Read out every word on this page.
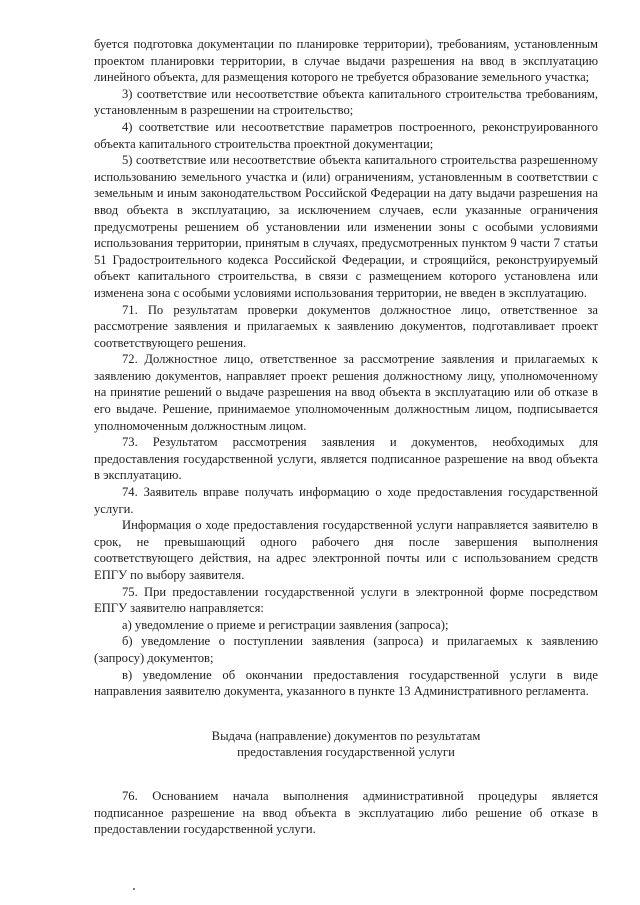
буется подготовка документации по планировке территории), требованиям, установленным проектом планировки территории, в случае выдачи разрешения на ввод в эксплуатацию линейного объекта, для размещения которого не требуется образование земельного участка;

3) соответствие или несоответствие объекта капитального строительства требованиям, установленным в разрешении на строительство;

4) соответствие или несоответствие параметров построенного, реконструированного объекта капитального строительства проектной документации;

5) соответствие или несоответствие объекта капитального строительства разрешенному использованию земельного участка и (или) ограничениям, установленным в соответствии с земельным и иным законодательством Российской Федерации на дату выдачи разрешения на ввод объекта в эксплуатацию, за исключением случаев, если указанные ограничения предусмотрены решением об установлении или изменении зоны с особыми условиями использования территории, принятым в случаях, предусмотренных пунктом 9 части 7 статьи 51 Градостроительного кодекса Российской Федерации, и строящийся, реконструируемый объект капитального строительства, в связи с размещением которого установлена или изменена зона с особыми условиями использования территории, не введен в эксплуатацию.

71. По результатам проверки документов должностное лицо, ответственное за рассмотрение заявления и прилагаемых к заявлению документов, подготавливает проект соответствующего решения.

72. Должностное лицо, ответственное за рассмотрение заявления и прилагаемых к заявлению документов, направляет проект решения должностному лицу, уполномоченному на принятие решений о выдаче разрешения на ввод объекта в эксплуатацию или об отказе в его выдаче. Решение, принимаемое уполномоченным должностным лицом, подписывается уполномоченным должностным лицом.

73. Результатом рассмотрения заявления и документов, необходимых для предоставления государственной услуги, является подписанное разрешение на ввод объекта в эксплуатацию.

74. Заявитель вправе получать информацию о ходе предоставления государственной услуги.

Информация о ходе предоставления государственной услуги направляется заявителю в срок, не превышающий одного рабочего дня после завершения выполнения соответствующего действия, на адрес электронной почты или с использованием средств ЕПГУ по выбору заявителя.

75. При предоставлении государственной услуги в электронной форме посредством ЕПГУ заявителю направляется:

а) уведомление о приеме и регистрации заявления (запроса);

б) уведомление о поступлении заявления (запроса) и прилагаемых к заявлению (запросу) документов;

в) уведомление об окончании предоставления государственной услуги в виде направления заявителю документа, указанного в пункте 13 Административного регламента.

Выдача (направление) документов по результатам
предоставления государственной услуги

76. Основанием начала выполнения административной процедуры является подписанное разрешение на ввод объекта в эксплуатацию либо решение об отказе в предоставлении государственной услуги.
